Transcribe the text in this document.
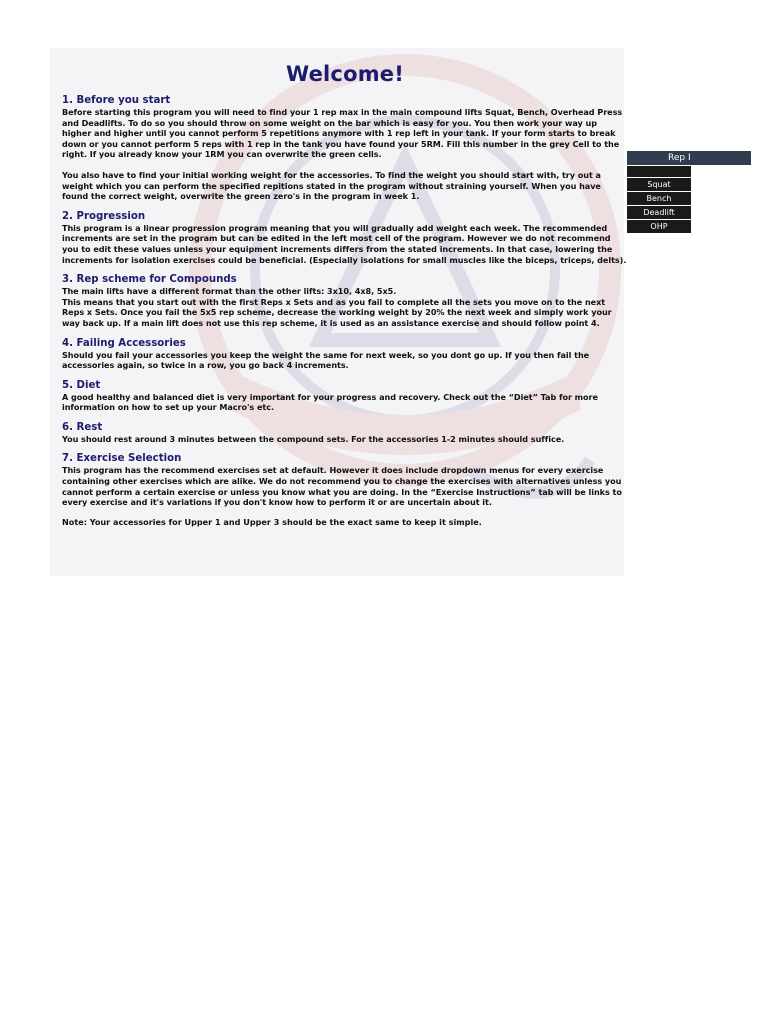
Welcome!
1. Before you start

Before starting this program you will need to find your 1 rep max in the main compound lifts Squat, Bench, Overhead Press and Deadlifts. To do so you should throw on some weight on the bar which is easy for you. You then work your way up higher and higher until you cannot perform 5 repetitions anymore with 1 rep left in your tank. If your form starts to break down or you cannot perform 5 reps with 1 rep in the tank you have found your 5RM. Fill this number in the grey Cell to the right. If you already know your 1RM you can overwrite the green cells.

You also have to find your initial working weight for the accessories. To find the weight you should start with, try out a weight which you can perform the specified repitions stated in the program without straining yourself. When you have found the correct weight, overwrite the green zero's in the program in week 1.

2. Progression

This program is a linear progression program meaning that you will gradually add weight each week. The recommended increments are set in the program but can be edited in the left most cell of the program. However we do not recommend you to edit these values unless your equipment increments differs from the stated increments. In that case, lowering the increments for isolation exercises could be beneficial. (Especially isolations for small muscles like the biceps, triceps, delts).

3. Rep scheme for Compounds

The main lifts have a different format than the other lifts: 3x10, 4x8, 5x5.
This means that you start out with the first Reps x Sets and as you fail to complete all the sets you move on to the next Reps x Sets. Once you fail the 5x5 rep scheme, decrease the working weight by 20% the next week and simply work your way back up. If a main lift does not use this rep scheme, it is used as an assistance exercise and should follow point 4.

4. Failing Accessories

Should you fail your accessories you keep the weight the same for next week, so you dont go up. If you then fail the accessories again, so twice in a row, you go back 4 increments.

5. Diet

A good healthy and balanced diet is very important for your progress and recovery. Check out the “Diet” Tab for more information on how to set up your Macro's etc.

6. Rest

You should rest around 3 minutes between the compound sets. For the accessories 1-2 minutes should suffice.

7. Exercise Selection

This program has the recommend exercises set at default. However it does include dropdown menus for every exercise containing other exercises which are alike. We do not recommend you to change the exercises with alternatives unless you cannot perform a certain exercise or unless you know what you are doing. In the “Exercise Instructions” tab will be links to every exercise and it's variations if you don't know how to perform it or are uncertain about it.

Note: Your accessories for Upper 1 and Upper 3 should be the exact same to keep it simple.

Rep I
Squat
Bench
Deadlift
OHP
